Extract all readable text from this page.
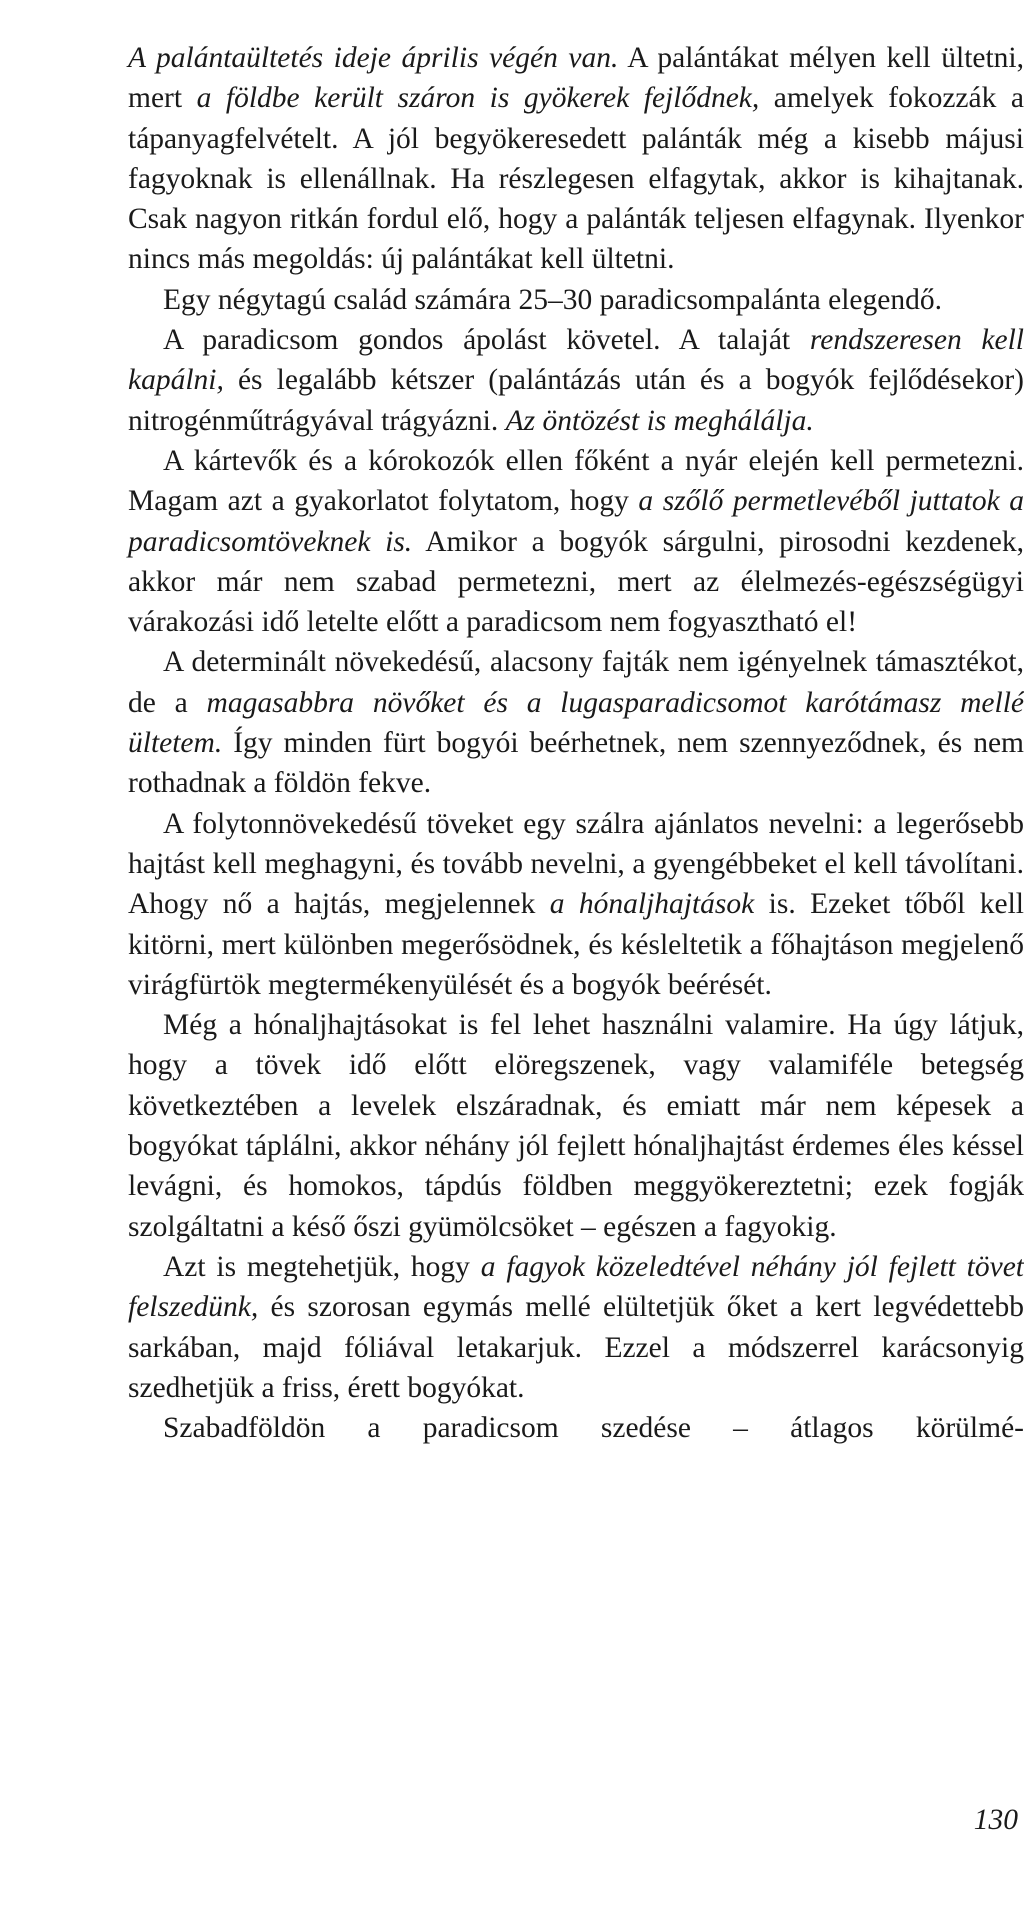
A palántaültetés ideje április végén van. A palántákat mélyen kell ültetni, mert a földbe került száron is gyökerek fejlődnek, amelyek fokozzák a tápanyagfelvételt. A jól begyökeresedett palánták még a kisebb májusi fagyoknak is ellenállnak. Ha részlegesen elfagytak, akkor is kihajtanak. Csak nagyon ritkán fordul elő, hogy a palánták teljesen elfagynak. Ilyenkor nincs más megoldás: új palántákat kell ültetni.

Egy négytagú család számára 25–30 paradicsompalánta elegendő.

A paradicsom gondos ápolást követel. A talaját rendszeresen kell kapálni, és legalább kétszer (palántázás után és a bogyók fejlődésekor) nitrogénműtrágyával trágyázni. Az öntözést is meghálálja.

A kártevők és a kórokozók ellen főként a nyár elején kell permetezni. Magam azt a gyakorlatot folytatom, hogy a szőlő permetlevéből juttatok a paradicsomtöveknek is. Amikor a bogyók sárgulni, pirosodni kezdenek, akkor már nem szabad permetezni, mert az élelmezés-egészségügyi várakozási idő letelte előtt a paradicsom nem fogyasztható el!

A determinált növekedésű, alacsony fajták nem igényelnek támasztékot, de a magasabbra növőket és a lugasparadicsomot karótámasz mellé ültetem. Így minden fürt bogyói beérhetnek, nem szennyeződnek, és nem rothadnak a földön fekve.

A folytonnövekedésű töveket egy szálra ajánlatos nevelni: a legerősebb hajtást kell meghagyni, és tovább nevelni, a gyengébbeket el kell távolítani. Ahogy nő a hajtás, megjelennek a hónaljhajtások is. Ezeket tőből kell kitörni, mert különben megerősödnek, és késleltetik a főhajtáson megjelenő virágfürtök megtermékenyülését és a bogyók beérését.

Még a hónaljhajtásokat is fel lehet használni valamire. Ha úgy látjuk, hogy a tövek idő előtt elöregszenek, vagy valamiféle betegség következtében a levelek elszáradnak, és emiatt már nem képesek a bogyókat táplálni, akkor néhány jól fejlett hónaljhajtást érdemes éles késsel levágni, és homokos, tápdús földben meggyökereztetni; ezek fogják szolgáltatni a késő őszi gyümölcsöket – egészen a fagyokig.

Azt is megtehetjük, hogy a fagyok közeledtével néhány jól fejlett tövet felszedünk, és szorosan egymás mellé elültetjük őket a kert legvédettebb sarkában, majd fóliával letakarjuk. Ezzel a módszerrel karácsonyig szedhetjük a friss, érett bogyókat.

Szabadföldön a paradicsom szedése – átlagos körülmé-

130
